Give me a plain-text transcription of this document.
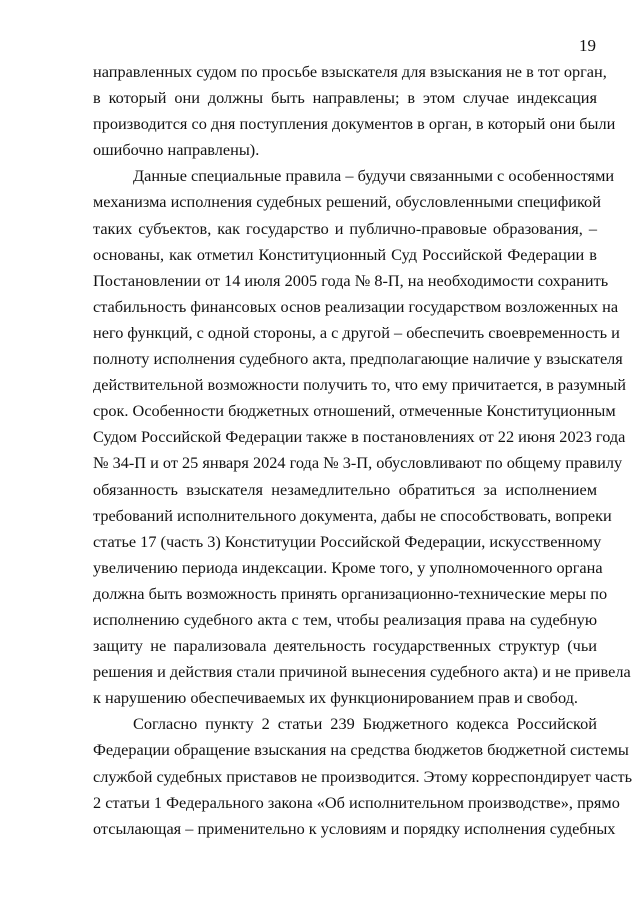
19
направленных судом по просьбе взыскателя для взыскания не в тот орган,
в который они должны быть направлены; в этом случае индексация
производится со дня поступления документов в орган, в который они были
ошибочно направлены).
Данные специальные правила – будучи связанными с особенностями
механизма исполнения судебных решений, обусловленными спецификой
таких субъектов, как государство и публично-правовые образования, –
основаны, как отметил Конституционный Суд Российской Федерации в
Постановлении от 14 июля 2005 года № 8-П, на необходимости сохранить
стабильность финансовых основ реализации государством возложенных на
него функций, с одной стороны, а с другой – обеспечить своевременность и
полноту исполнения судебного акта, предполагающие наличие у взыскателя
действительной возможности получить то, что ему причитается, в разумный
срок. Особенности бюджетных отношений, отмеченные Конституционным
Судом Российской Федерации также в постановлениях от 22 июня 2023 года
№ 34-П и от 25 января 2024 года № 3-П, обусловливают по общему правилу
обязанность взыскателя незамедлительно обратиться за исполнением
требований исполнительного документа, дабы не способствовать, вопреки
статье 17 (часть 3) Конституции Российской Федерации, искусственному
увеличению периода индексации. Кроме того, у уполномоченного органа
должна быть возможность принять организационно-технические меры по
исполнению судебного акта с тем, чтобы реализация права на судебную
защиту не парализовала деятельность государственных структур (чьи
решения и действия стали причиной вынесения судебного акта) и не привела
к нарушению обеспечиваемых их функционированием прав и свобод.
Согласно пункту 2 статьи 239 Бюджетного кодекса Российской
Федерации обращение взыскания на средства бюджетов бюджетной системы
службой судебных приставов не производится. Этому корреспондирует часть
2 статьи 1 Федерального закона «Об исполнительном производстве», прямо
отсылающая – применительно к условиям и порядку исполнения судебных
